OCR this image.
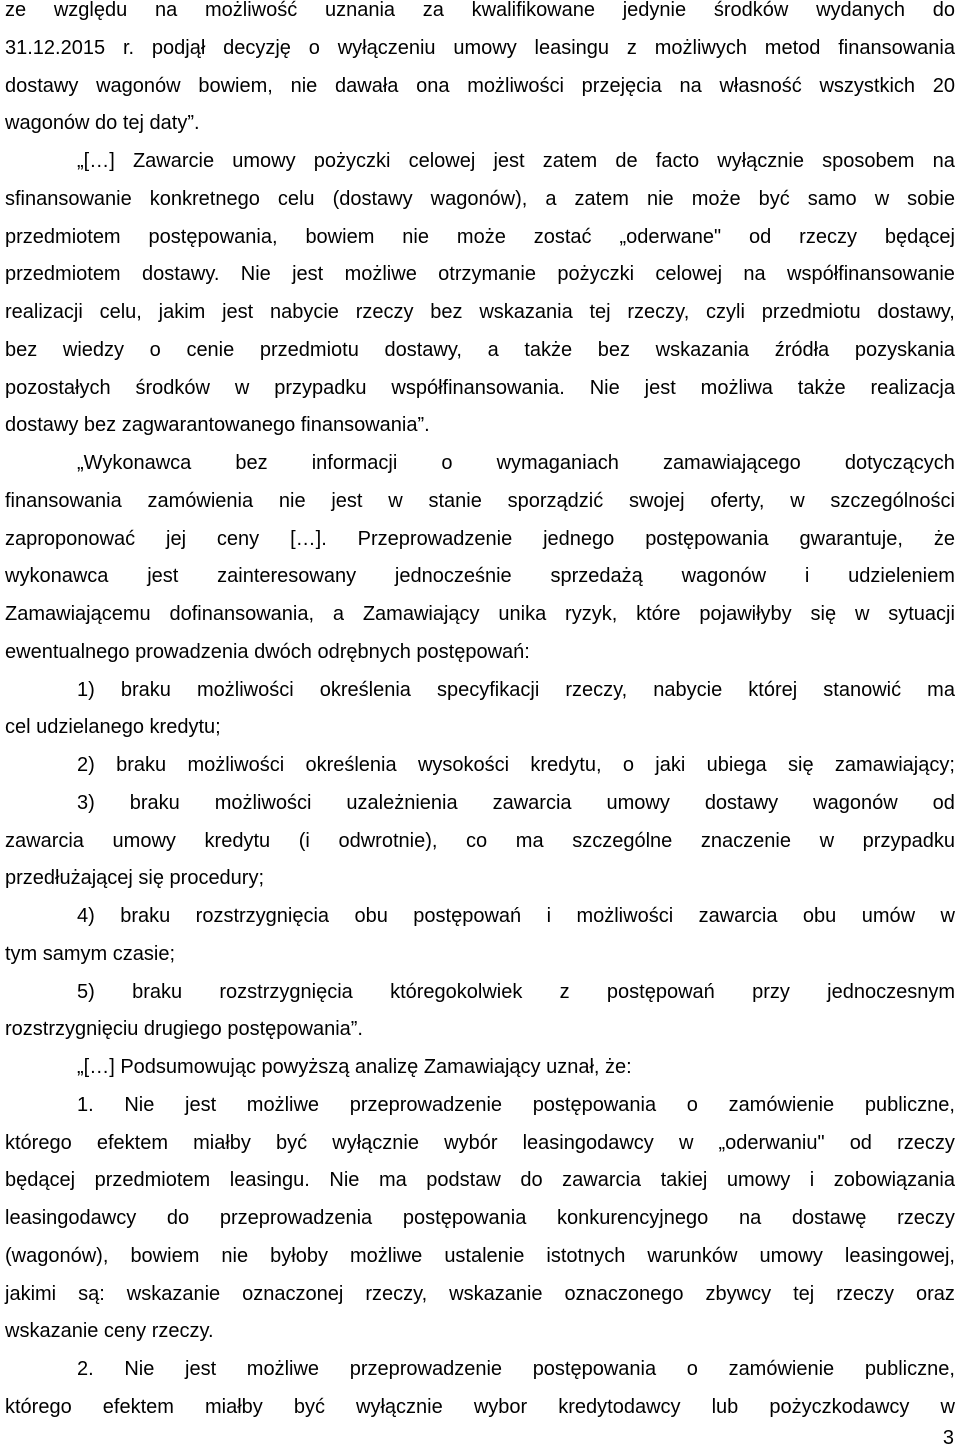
ze względu na możliwość uznania za kwalifikowane jedynie środków wydanych do
31.12.2015 r. podjął decyzję o wyłączeniu umowy leasingu z możliwych metod finansowania
dostawy wagonów bowiem, nie dawała ona możliwości przejęcia na własność wszystkich 20
wagonów do tej daty”.
„[…] Zawarcie umowy pożyczki celowej jest zatem de facto wyłącznie sposobem na
sfinansowanie konkretnego celu (dostawy wagonów), a zatem nie może być samo w sobie
przedmiotem postępowania, bowiem nie może zostać „oderwane" od rzeczy będącej
przedmiotem dostawy. Nie jest możliwe otrzymanie pożyczki celowej na współfinansowanie
realizacji celu, jakim jest nabycie rzeczy bez wskazania tej rzeczy, czyli przedmiotu dostawy,
bez wiedzy o cenie przedmiotu dostawy, a także bez wskazania źródła pozyskania
pozostałych środków w przypadku współfinansowania. Nie jest możliwa także realizacja
dostawy bez zagwarantowanego finansowania”.
„Wykonawca bez informacji o wymaganiach zamawiającego dotyczących
finansowania zamówienia nie jest w stanie sporządzić swojej oferty, w szczególności
zaproponować jej ceny […]. Przeprowadzenie jednego postępowania gwarantuje, że
wykonawca jest zainteresowany jednocześnie sprzedażą wagonów i udzieleniem
Zamawiającemu dofinansowania, a Zamawiający unika ryzyk, które pojawiłyby się w sytuacji
ewentualnego prowadzenia dwóch odrębnych postępowań:
1) braku możliwości określenia specyfikacji rzeczy, nabycie której stanowić ma
cel udzielanego kredytu;
2) braku możliwości określenia wysokości kredytu, o jaki ubiega się zamawiający;
3) braku możliwości uzależnienia zawarcia umowy dostawy wagonów od
zawarcia umowy kredytu (i odwrotnie), co ma szczególne znaczenie w przypadku
przedłużającej się procedury;
4) braku rozstrzygnięcia obu postępowań i możliwości zawarcia obu umów w
tym samym czasie;
5) braku rozstrzygnięcia któregokolwiek z postępowań przy jednoczesnym
rozstrzygnięciu drugiego postępowania”.
„[…] Podsumowując powyższą analizę Zamawiający uznał, że:
1. Nie jest możliwe przeprowadzenie postępowania o zamówienie publiczne,
którego efektem miałby być wyłącznie wybór leasingodawcy w „oderwaniu" od rzeczy
będącej przedmiotem leasingu. Nie ma podstaw do zawarcia takiej umowy i zobowiązania
leasingodawcy do przeprowadzenia postępowania konkurencyjnego na dostawę rzeczy
(wagonów), bowiem nie byłoby możliwe ustalenie istotnych warunków umowy leasingowej,
jakimi są: wskazanie oznaczonej rzeczy, wskazanie oznaczonego zbywcy tej rzeczy oraz
wskazanie ceny rzeczy.
2. Nie jest możliwe przeprowadzenie postępowania o zamówienie publiczne,
którego efektem miałby być wyłącznie wybor kredytodawcy lub pożyczkodawcy w
3
